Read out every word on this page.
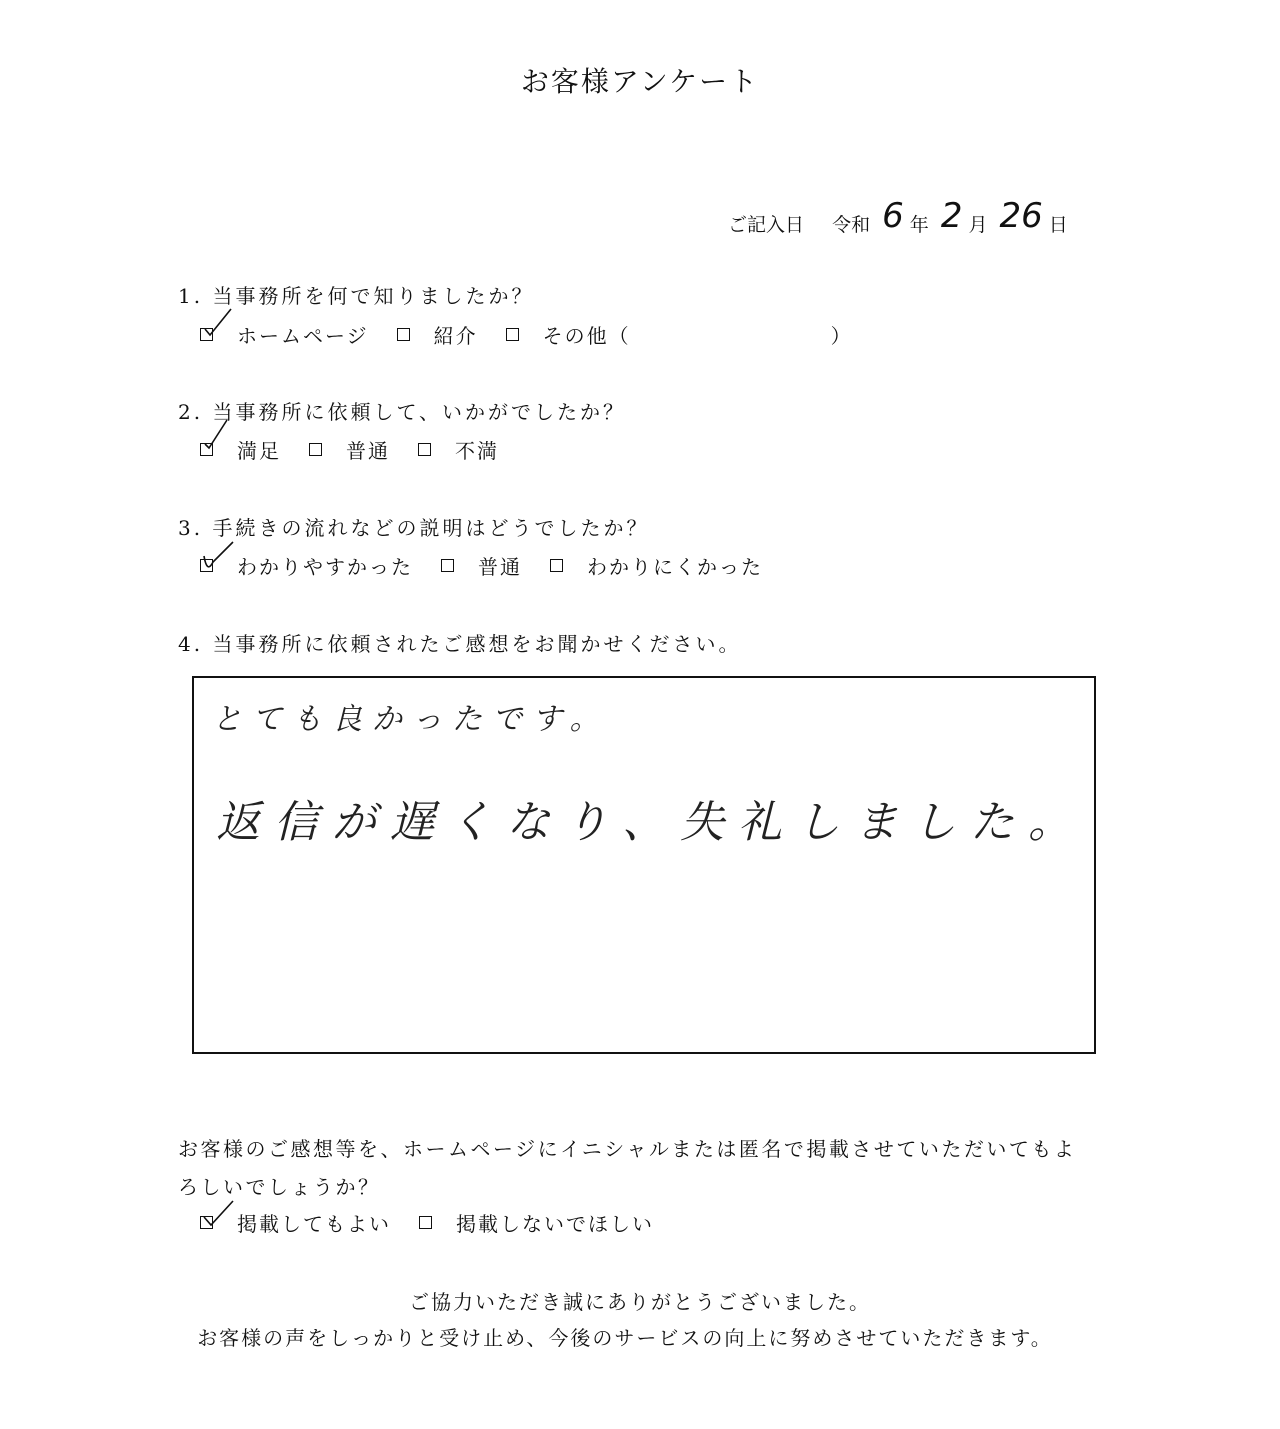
お客様アンケート
ご記入日 令和 6 年 2 月 26 日
1. 当事務所を何で知りましたか？
ホームページ	紹介	その他（	）
2. 当事務所に依頼して、いかがでしたか？
満足	普通	不満
3. 手続きの流れなどの説明はどうでしたか？
わかりやすかった	普通	わかりにくかった
4. 当事務所に依頼されたご感想をお聞かせください。
とても良かったです。
返信が遅くなり、失礼しました。
お客様のご感想等を、ホームページにイニシャルまたは匿名で掲載させていただいてもよろしいでしょうか？
掲載してもよい	掲載しないでほしい
ご協力いただき誠にありがとうございました。
お客様の声をしっかりと受け止め、今後のサービスの向上に努めさせていただきます。
